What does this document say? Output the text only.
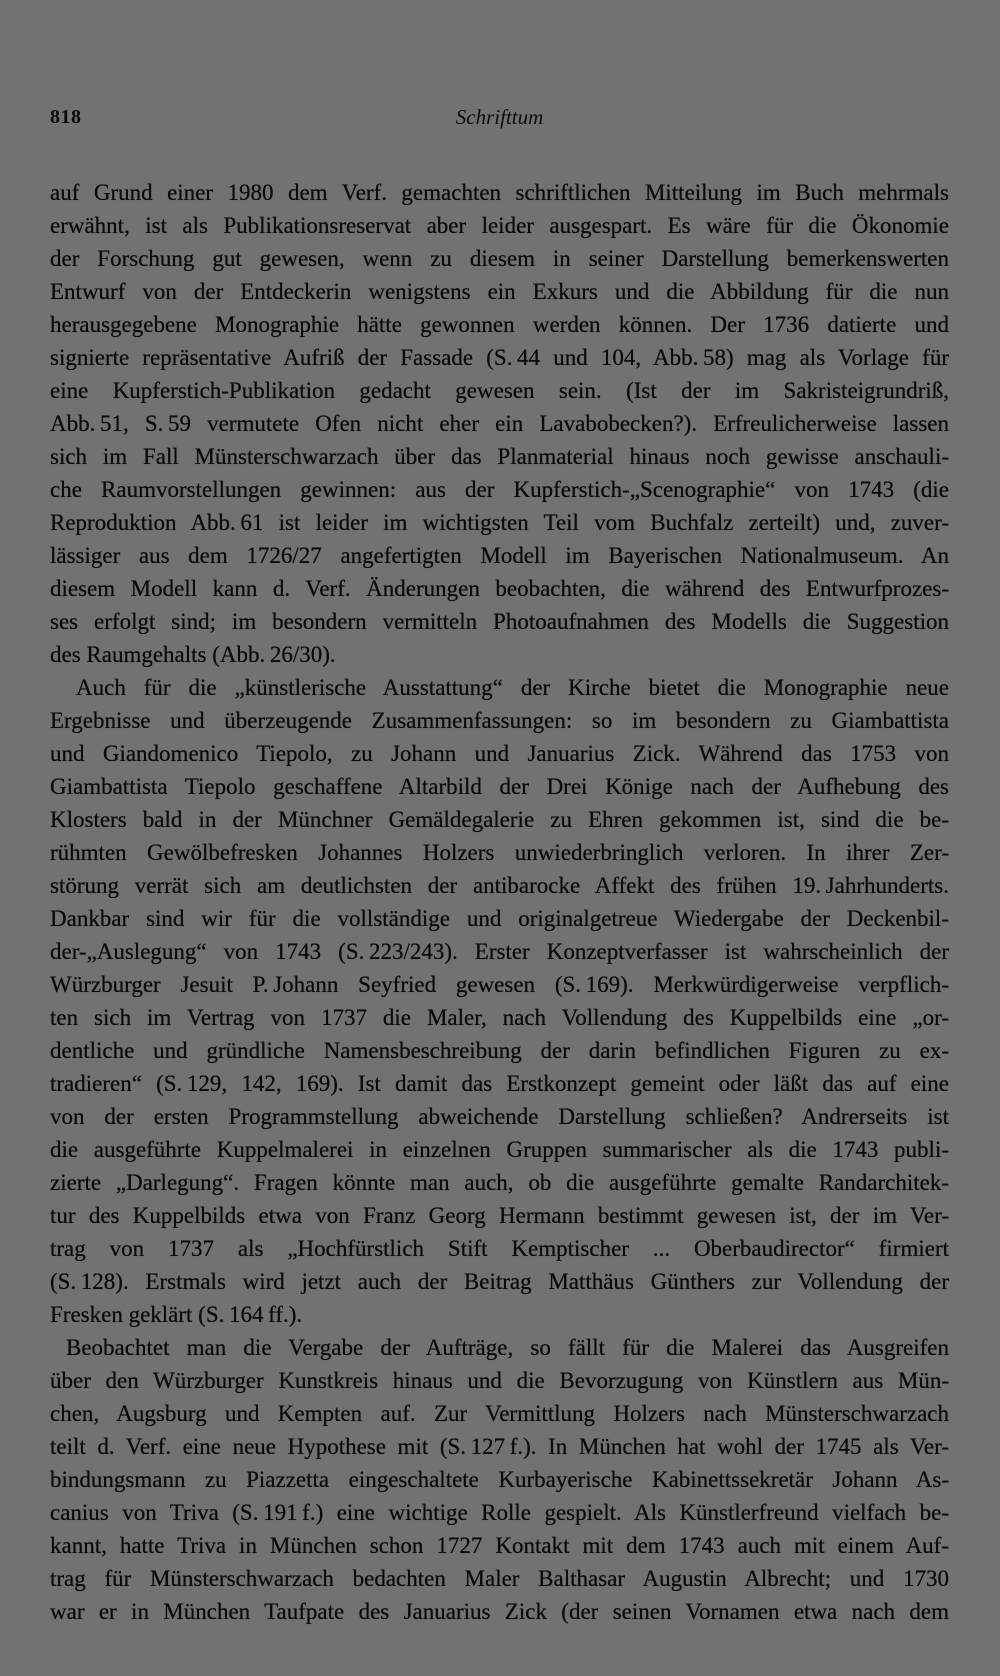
818	Schrifttum
auf Grund einer 1980 dem Verf. gemachten schriftlichen Mitteilung im Buch mehrmals
erwähnt, ist als Publikationsreservat aber leider ausgespart. Es wäre für die Ökonomie
der Forschung gut gewesen, wenn zu diesem in seiner Darstellung bemerkenswerten
Entwurf von der Entdeckerin wenigstens ein Exkurs und die Abbildung für die nun
herausgegebene Monographie hätte gewonnen werden können. Der 1736 datierte und
signierte repräsentative Aufriß der Fassade (S. 44 und 104, Abb. 58) mag als Vorlage für
eine Kupferstich-Publikation gedacht gewesen sein. (Ist der im Sakristeigrundriß,
Abb. 51, S. 59 vermutete Ofen nicht eher ein Lavabobecken?). Erfreulicherweise lassen
sich im Fall Münsterschwarzach über das Planmaterial hinaus noch gewisse anschauli-
che Raumvorstellungen gewinnen: aus der Kupferstich-„Scenographie“ von 1743 (die
Reproduktion Abb. 61 ist leider im wichtigsten Teil vom Buchfalz zerteilt) und, zuver-
lässiger aus dem 1726/27 angefertigten Modell im Bayerischen Nationalmuseum. An
diesem Modell kann d. Verf. Änderungen beobachten, die während des Entwurfprozes-
ses erfolgt sind; im besondern vermitteln Photoaufnahmen des Modells die Suggestion
des Raumgehalts (Abb. 26/30).
Auch für die „künstlerische Ausstattung“ der Kirche bietet die Monographie neue
Ergebnisse und überzeugende Zusammenfassungen: so im besondern zu Giambattista
und Giandomenico Tiepolo, zu Johann und Januarius Zick. Während das 1753 von
Giambattista Tiepolo geschaffene Altarbild der Drei Könige nach der Aufhebung des
Klosters bald in der Münchner Gemäldegalerie zu Ehren gekommen ist, sind die be-
rühmten Gewölbefresken Johannes Holzers unwiederbringlich verloren. In ihrer Zer-
störung verrät sich am deutlichsten der antibarocke Affekt des frühen 19. Jahrhunderts.
Dankbar sind wir für die vollständige und originalgetreue Wiedergabe der Deckenbil-
der-„Auslegung“ von 1743 (S. 223/243). Erster Konzeptverfasser ist wahrscheinlich der
Würzburger Jesuit P. Johann Seyfried gewesen (S. 169). Merkwürdigerweise verpflich-
ten sich im Vertrag von 1737 die Maler, nach Vollendung des Kuppelbilds eine „or-
dentliche und gründliche Namensbeschreibung der darin befindlichen Figuren zu ex-
tradieren“ (S. 129, 142, 169). Ist damit das Erstkonzept gemeint oder läßt das auf eine
von der ersten Programmstellung abweichende Darstellung schließen? Andrerseits ist
die ausgeführte Kuppelmalerei in einzelnen Gruppen summarischer als die 1743 publi-
zierte „Darlegung“. Fragen könnte man auch, ob die ausgeführte gemalte Randarchitek-
tur des Kuppelbilds etwa von Franz Georg Hermann bestimmt gewesen ist, der im Ver-
trag von 1737 als „Hochfürstlich Stift Kemptischer ... Oberbaudirector“ firmiert
(S. 128). Erstmals wird jetzt auch der Beitrag Matthäus Günthers zur Vollendung der
Fresken geklärt (S. 164 ff.).
Beobachtet man die Vergabe der Aufträge, so fällt für die Malerei das Ausgreifen
über den Würzburger Kunstkreis hinaus und die Bevorzugung von Künstlern aus Mün-
chen, Augsburg und Kempten auf. Zur Vermittlung Holzers nach Münsterschwarzach
teilt d. Verf. eine neue Hypothese mit (S. 127 f.). In München hat wohl der 1745 als Ver-
bindungsmann zu Piazzetta eingeschaltete Kurbayerische Kabinettssekretär Johann As-
canius von Triva (S. 191 f.) eine wichtige Rolle gespielt. Als Künstlerfreund vielfach be-
kannt, hatte Triva in München schon 1727 Kontakt mit dem 1743 auch mit einem Auf-
trag für Münsterschwarzach bedachten Maler Balthasar Augustin Albrecht; und 1730
war er in München Taufpate des Januarius Zick (der seinen Vornamen etwa nach dem
